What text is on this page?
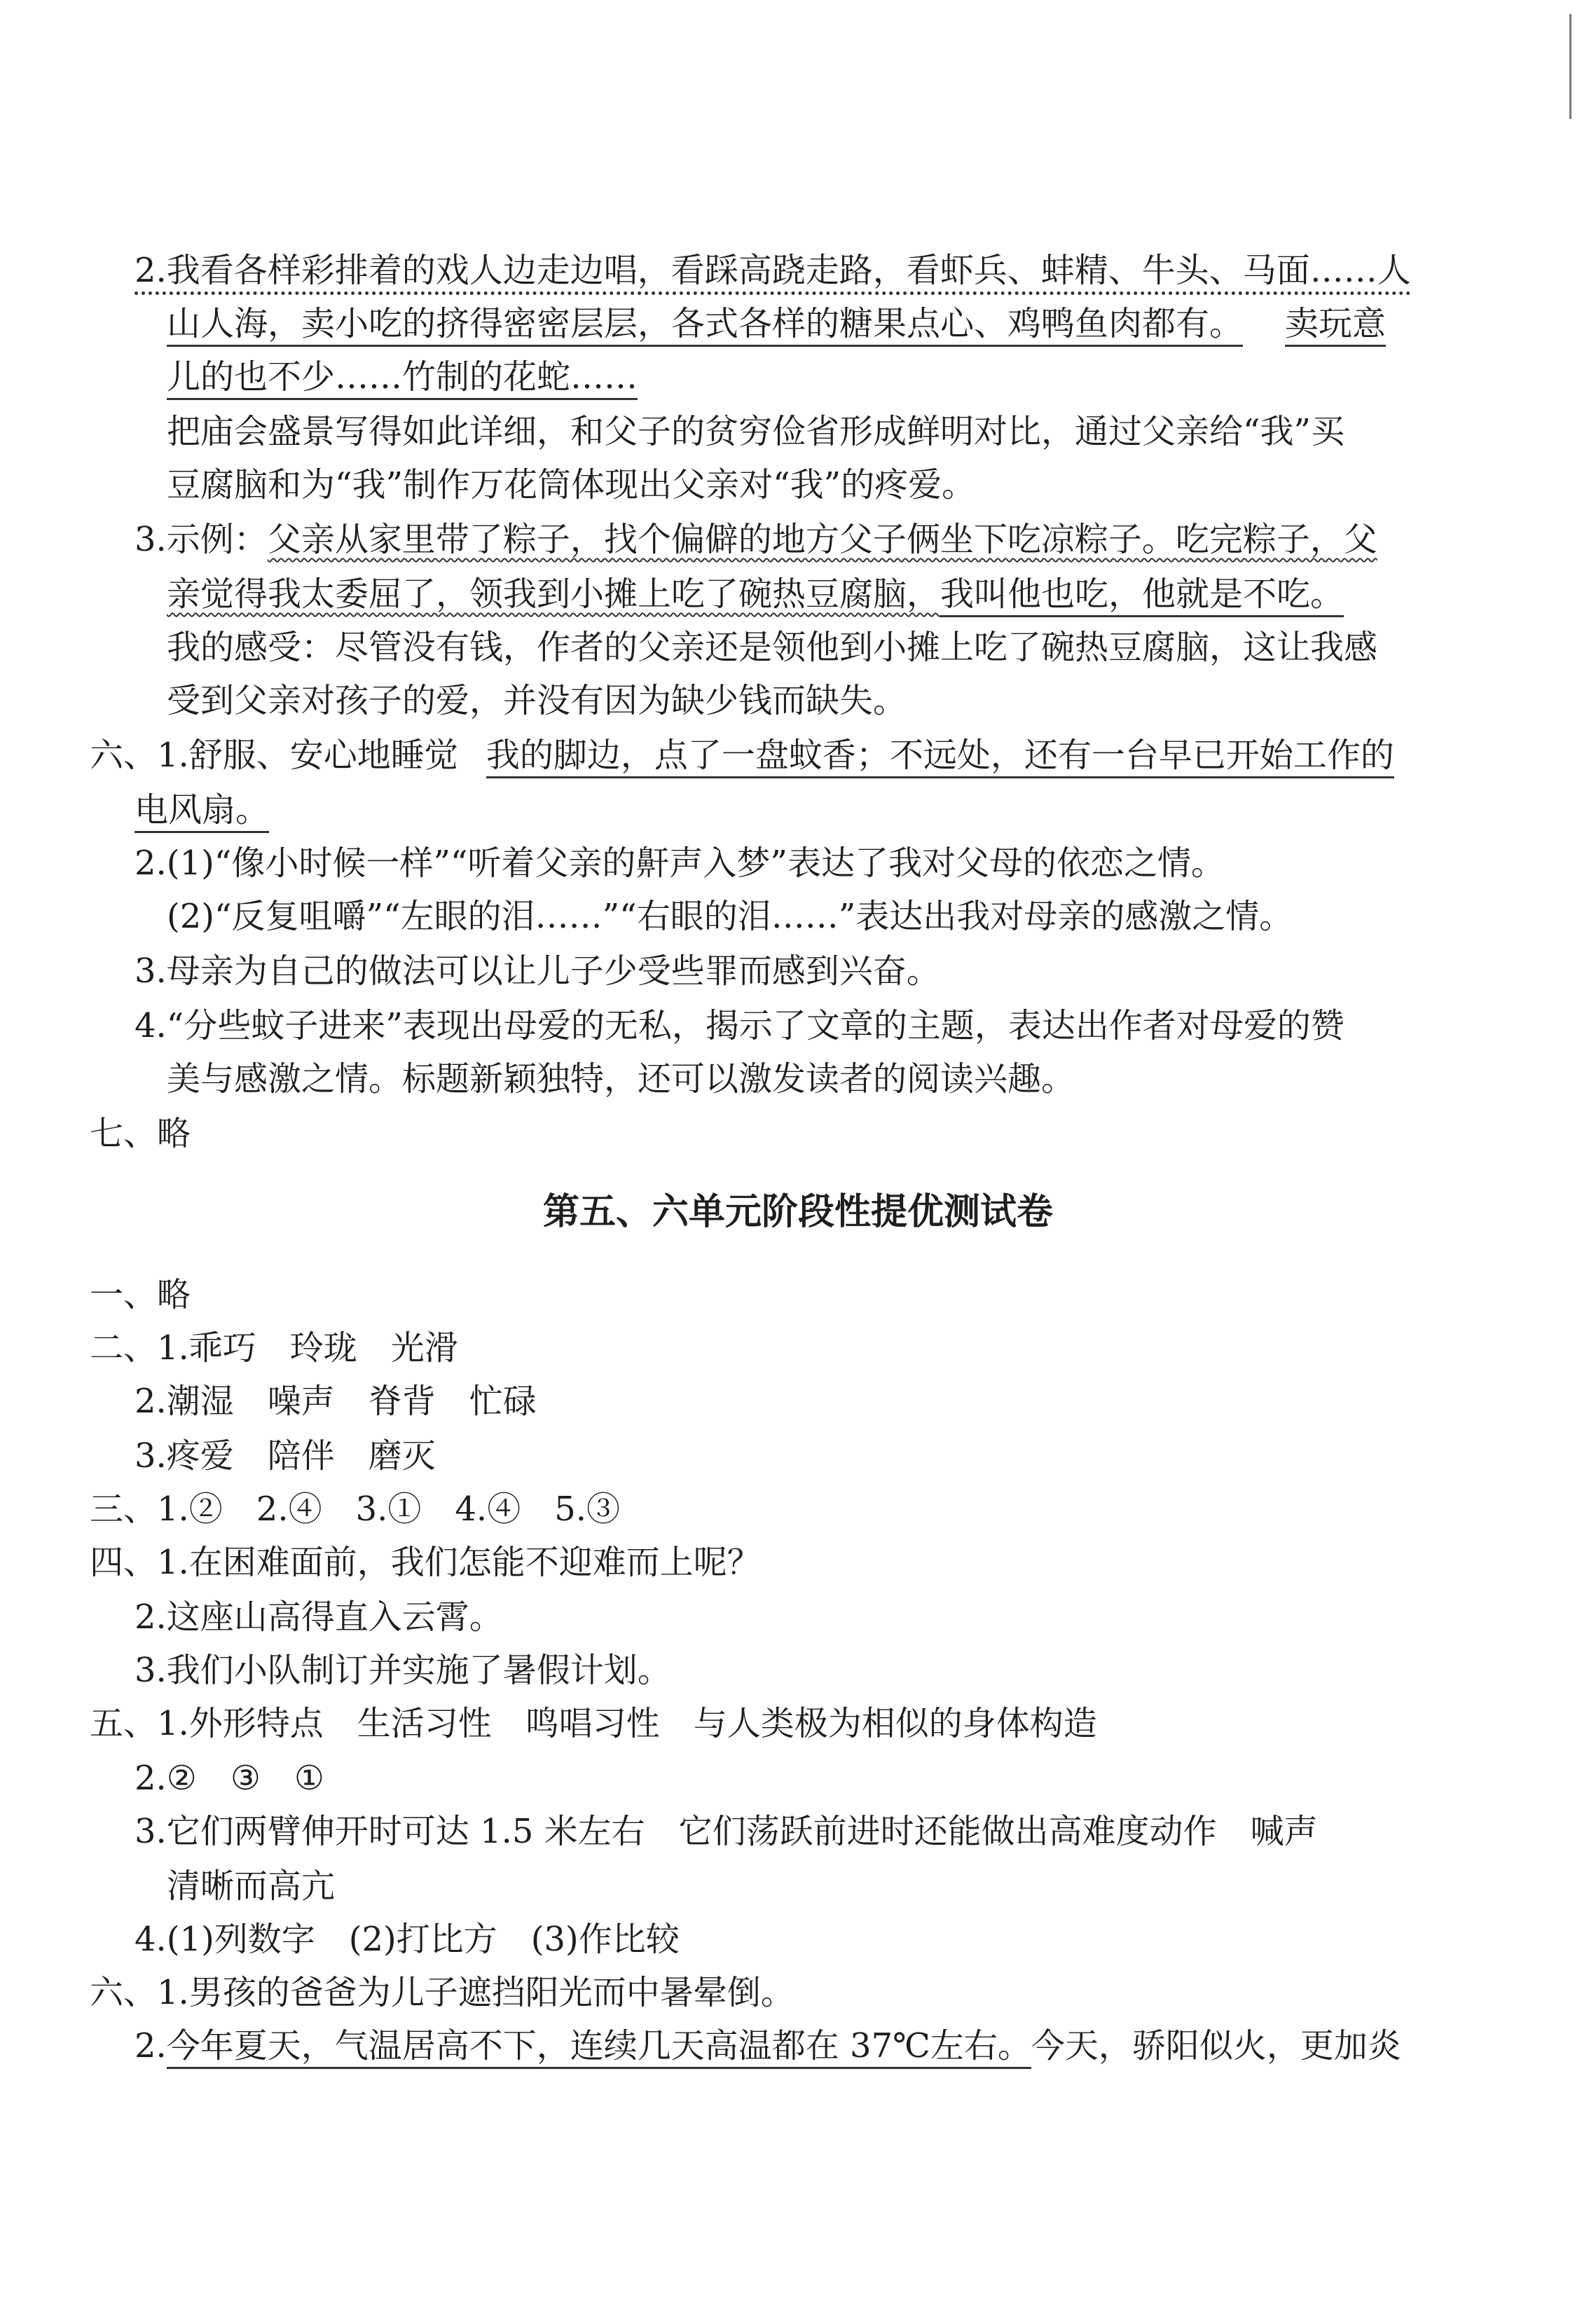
2.我看各样彩排着的戏人边走边唱，看踩高跷走路，看虾兵、蚌精、牛头、马面……人
山人海，卖小吃的挤得密密层层，各式各样的糖果点心、鸡鸭鱼肉都有。 卖玩意
儿的也不少……竹制的花蛇……
把庙会盛景写得如此详细，和父子的贫穷俭省形成鲜明对比，通过父亲给“我”买
豆腐脑和为“我”制作万花筒体现出父亲对“我”的疼爱。
3.示例：父亲从家里带了粽子，找个偏僻的地方父子俩坐下吃凉粽子。吃完粽子，父
亲觉得我太委屈了，领我到小摊上吃了碗热豆腐脑，我叫他也吃，他就是不吃。
我的感受：尽管没有钱，作者的父亲还是领他到小摊上吃了碗热豆腐脑，这让我感
受到父亲对孩子的爱，并没有因为缺少钱而缺失。
六、1.舒服、安心地睡觉 我的脚边，点了一盘蚊香；不远处，还有一台早已开始工作的
电风扇。
2.(1)“像小时候一样”“听着父亲的鼾声入梦”表达了我对父母的依恋之情。
(2)“反复咀嚼”“左眼的泪……”“右眼的泪……”表达出我对母亲的感激之情。
3.母亲为自己的做法可以让儿子少受些罪而感到兴奋。
4.“分些蚊子进来”表现出母爱的无私，揭示了文章的主题，表达出作者对母爱的赞
美与感激之情。标题新颖独特，还可以激发读者的阅读兴趣。
七、略
第五、六单元阶段性提优测试卷
一、略
二、1.乖巧　玲珑　光滑
2.潮湿　噪声　脊背　忙碌
3.疼爱　陪伴　磨灭
三、1.②　2.④　3.①　4.④　5.③
四、1.在困难面前，我们怎能不迎难而上呢？
2.这座山高得直入云霄。
3.我们小队制订并实施了暑假计划。
五、1.外形特点　生活习性　鸣唱习性　与人类极为相似的身体构造
2.②　③　①
3.它们两臂伸开时可达 1.5 米左右　它们荡跃前进时还能做出高难度动作　喊声
清晰而高亢
4.(1)列数字　(2)打比方　(3)作比较
六、1.男孩的爸爸为儿子遮挡阳光而中暑晕倒。
2.今年夏天，气温居高不下，连续几天高温都在 37℃左右。今天，骄阳似火，更加炎
